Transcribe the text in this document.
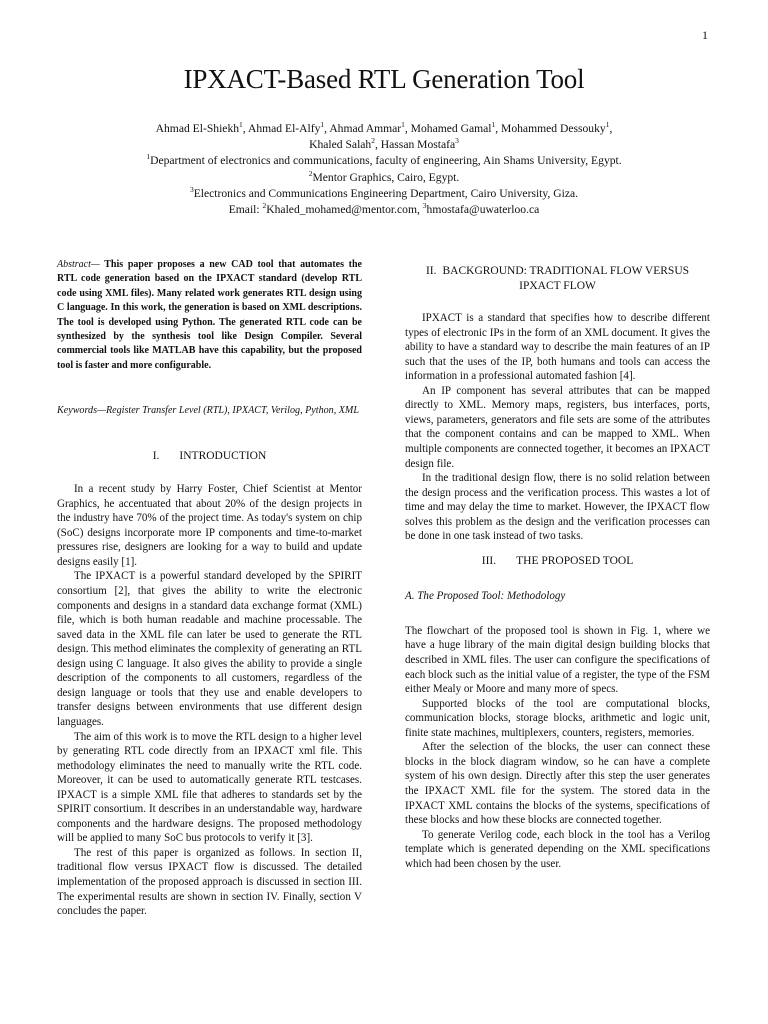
1
IPXACT-Based RTL Generation Tool

Ahmad El-Shiekh$^1$, Ahmad El-Alfy$^1$, Ahmad Ammar$^1$, Mohamed Gamal$^1$, Mohammed Dessouky$^1$,

Khaled Salah$^2$, Hassan Mostafa$^3$

$^1$Department of electronics and communications, faculty of engineering, Ain Shams University, Egypt.

$^2$Mentor Graphics, Cairo, Egypt.

$^3$Electronics and Communications Engineering Department, Cairo University, Giza.

Email: $^2$Khaled_mohamed@mentor.com, $^3$hmostafa@uwaterloo.ca

Abstract— This paper proposes a new CAD tool that automates the RTL code generation based on the IPXACT standard (develop RTL code using XML files). Many related work generates RTL design using C language. In this work, the generation is based on XML descriptions. The tool is developed using Python. The generated RTL code can be synthesized by the synthesis tool like Design Compiler. Several commercial tools like MATLAB have this capability, but the proposed tool is faster and more configurable.

Keywords—Register Transfer Level (RTL), IPXACT, Verilog, Python, XML

I. INTRODUCTION

In a recent study by Harry Foster, Chief Scientist at Mentor Graphics, he accentuated that about 20% of the design projects in the industry have 70% of the project time. As today's system on chip (SoC) designs incorporate more IP components and time-to-market pressures rise, designers are looking for a way to build and update designs easily [1].

The IPXACT is a powerful standard developed by the SPIRIT consortium [2], that gives the ability to write the electronic components and designs in a standard data exchange format (XML) file, which is both human readable and machine processable. The saved data in the XML file can later be used to generate the RTL design. This method eliminates the complexity of generating an RTL design using C language. It also gives the ability to provide a single description of the components to all customers, regardless of the design language or tools that they use and enable developers to transfer designs between environments that use different design languages.

The aim of this work is to move the RTL design to a higher level by generating RTL code directly from an IPXACT xml file. This methodology eliminates the need to manually write the RTL code. Moreover, it can be used to automatically generate RTL testcases. IPXACT is a simple XML file that adheres to standards set by the SPIRIT consortium. It describes in an understandable way, hardware components and the hardware designs. The proposed methodology will be applied to many SoC bus protocols to verify it [3].

The rest of this paper is organized as follows. In section II, traditional flow versus IPXACT flow is discussed. The detailed implementation of the proposed approach is discussed in section III. The experimental results are shown in section IV. Finally, section V concludes the paper.

II. BACKGROUND: TRADITIONAL FLOW VERSUS IPXACT FLOW

IPXACT is a standard that specifies how to describe different types of electronic IPs in the form of an XML document. It gives the ability to have a standard way to describe the main features of an IP such that the uses of the IP, both humans and tools can access the information in a professional automated fashion [4].

An IP component has several attributes that can be mapped directly to XML. Memory maps, registers, bus interfaces, ports, views, parameters, generators and file sets are some of the attributes that the component contains and can be mapped to XML. When multiple components are connected together, it becomes an IPXACT design file.

In the traditional design flow, there is no solid relation between the design process and the verification process. This wastes a lot of time and may delay the time to market. However, the IPXACT flow solves this problem as the design and the verification processes can be done in one task instead of two tasks.

III. THE PROPOSED TOOL

A. The Proposed Tool: Methodology

The flowchart of the proposed tool is shown in Fig. 1, where we have a huge library of the main digital design building blocks that described in XML files. The user can configure the specifications of each block such as the initial value of a register, the type of the FSM either Mealy or Moore and many more of specs.

Supported blocks of the tool are computational blocks, communication blocks, storage blocks, arithmetic and logic unit, finite state machines, multiplexers, counters, registers, memories.

After the selection of the blocks, the user can connect these blocks in the block diagram window, so he can have a complete system of his own design. Directly after this step the user generates the IPXACT XML file for the system. The stored data in the IPXACT XML contains the blocks of the systems, specifications of these blocks and how these blocks are connected together.

To generate Verilog code, each block in the tool has a Verilog template which is generated depending on the XML specifications which had been chosen by the user.
